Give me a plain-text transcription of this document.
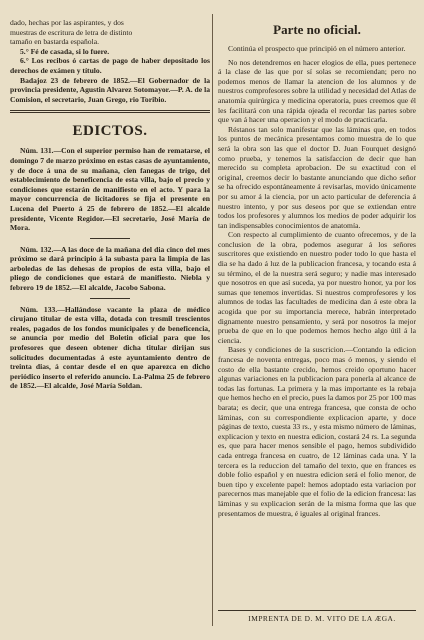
dado, hechas por las aspirantes, y dos

muestras de escritura de letra de distinto

tamaño en bastarda española.

5.° Fé de casada, si lo fuere.

6.° Los recibos ó cartas de pago de haber depositado los derechos de exámen y título.

Badajoz 23 de febrero de 1852.—El Gobernador de la provincia presidente, Agustin Alvarez Sotomayor.—P. A. de la Comision, el secretario, Juan Grego, rio Toribio.

EDICTOS.

Núm. 131.—Con el superior permiso han de rematarse, el domingo 7 de marzo próximo en estas casas de ayuntamiento, y de doce á una de su mañana, cien fanegas de trigo, del establecimiento de beneficencia de esta villa, bajo el precio y condiciones que estarán de manifiesto en el acto. Y para la mayor concurrencia de licitadores se fija el presente en Lucena del Puerto á 25 de febrero de 1852.—El alcalde presidente, Vicente Regidor.—El secretario, José María de Mora.

Núm. 132.—A las doce de la mañana del dia cinco del mes próximo se dará principio á la subasta para la limpia de las arboledas de las dehesas de propios de esta villa, bajo el pliego de condiciones que estará de manifiesto. Niebla y febrero 19 de 1852.—El alcalde, Jacobo Sabona.

Núm. 133.—Hallándose vacante la plaza de médico cirujano titular de esta villa, dotada con tresmil trescientos reales, pagados de los fondos municipales y de beneficencia, se anuncia por medio del Boletin oficial para que los profesores que deseen obtener dicha titular dirijan sus solicitudes documentadas á este ayuntamiento dentro de treinta dias, á contar desde el en que aparezca en dicho periódico inserto el referido anuncio. La-Palma 25 de febrero de 1852.—El alcalde, José María Soldan.

Parte no oficial.

Continúa el prospecto que principió en el número anterior.

No nos detendremos en hacer elogios de ella, pues pertenece á la clase de las que por sí solas se recomiendan; pero no podemos menos de llamar la atencion de los alumnos y de nuestros comprofesores sobre la utilidad y necesidad del Atlas de anatomía quirúrgica y medicina operatoria, pues creemos que él les facilitará con una rápida ojeada el recordar las partes sobre que van á hacer una operacion y el modo de practicarla.

Réstanos tan solo manifestar que las láminas que, en todos los puntos de mecánica presentamos como muestra de lo que será la obra son las que el doctor D. Juan Fourquet designó como prueba, y tenemos la satisfaccion de decir que han merecido su completa aprobacion. De su exactitud con el original, creemos decir lo bastante anunciando que dicho señor se ha ofrecido espontáneamente á revisarlas, movido únicamente por su amor á la ciencia, por un acto particular de deferencia á nuestro intento, y por sus deseos por que se extiendan entre todos los profesores y alumnos los medios de poder adquirir los tan indispensables conocimientos de anatomía.

Con respecto al cumplimiento de cuanto ofrecemos, y de la conclusion de la obra, podemos asegurar á los señores suscritores que existiendo en nuestro poder todo lo que hasta el dia se ha dado á luz de la publicacion francesa, y tocando esta á su término, el de la nuestra será seguro; y nadie mas interesado que nosotros en que así suceda, ya por nuestro honor, ya por los sumas que tenemos invertidas. Si nuestros comprofesores y los alumnos de todas las facultades de medicina dan á este obra la acogida que por su importancia merece, habrán interpretado dignamente nuestro pensamiento, y será por nosotros la mejor prueba de que en lo que podemos hemos hecho algo útil á la ciencia.

Bases y condiciones de la suscricion.—Contando la edicion francesa de noventa entregas, poco mas ó menos, y siendo el costo de ella bastante crecido, hemos creido oportuno hacer algunas variaciones en la publicacion para ponerla al alcance de todas las fortunas. La primera y la mas importante es la rebaja que hemos hecho en el precio, pues la damos por 25 por 100 mas barata; es decir, que una entrega francesa, que consta de ocho láminas, con su correspondiente explicacion aparte, y doce páginas de texto, cuesta 33 rs., y esta mismo número de láminas, explicacion y texto en nuestra edicion, costará 24 rs. La segunda es, que para hacer menos sensible el pago, hemos subdividido cada entrega francesa en cuatro, de 12 láminas cada una. Y la tercera es la reduccion del tamaño del texto, que en frances es doble folio español y en nuestra edicion será el folio menor, de buen tipo y excelente papel: hemos adoptado esta variacion por parecernos mas manejable que el folio de la edicion francesa: las láminas y su explicacion serán de la misma forma que las que presentamos de muestra, é iguales al original frances.

IMPRENTA DE D. M. VITO DE LA ÆGA.
